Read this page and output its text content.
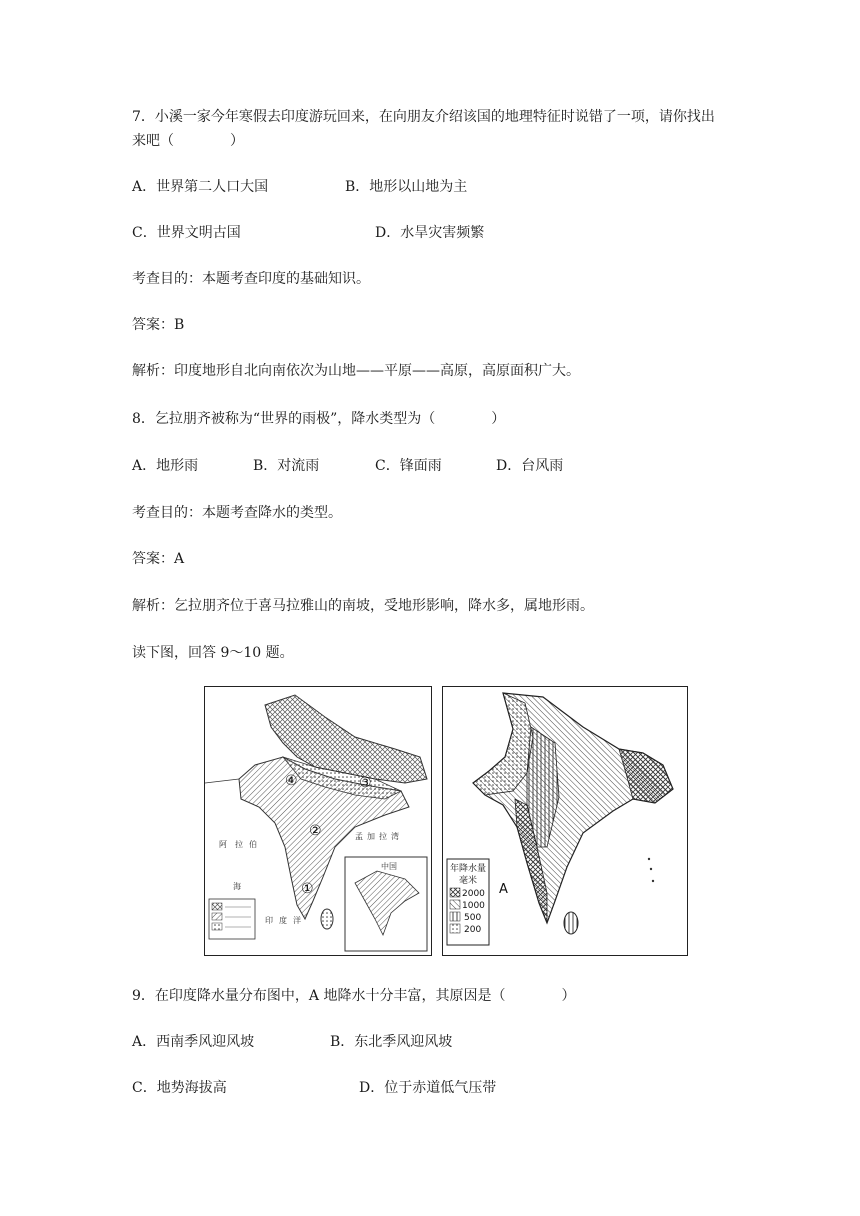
7．小溪一家今年寒假去印度游玩回来，在向朋友介绍该国的地理特征时说错了一项，请你找出
来吧（　　　　）
A．世界第二人口大国	B．地形以山地为主
C．世界文明古国	D．水旱灾害频繁
考查目的：本题考查印度的基础知识。
答案：B
解析：印度地形自北向南依次为山地——平原——高原，高原面积广大。
8．乞拉朋齐被称为“世界的雨极”，降水类型为（　　　　）
A．地形雨	B．对流雨	C．锋面雨	D．台风雨
考查目的：本题考查降水的类型。
答案：A
解析：乞拉朋齐位于喜马拉雅山的南坡，受地形影响，降水多，属地形雨。
读下图，回答 9～10 题。
④
②
③
①
阿 拉 伯
海
孟 加 拉 湾
印 度 洋
中国
A
年降水量
毫米
2000
1000
500
200
9．在印度降水量分布图中，A 地降水十分丰富，其原因是（　　　　）
A．西南季风迎风坡	B．东北季风迎风坡
C．地势海拔高	D．位于赤道低气压带
